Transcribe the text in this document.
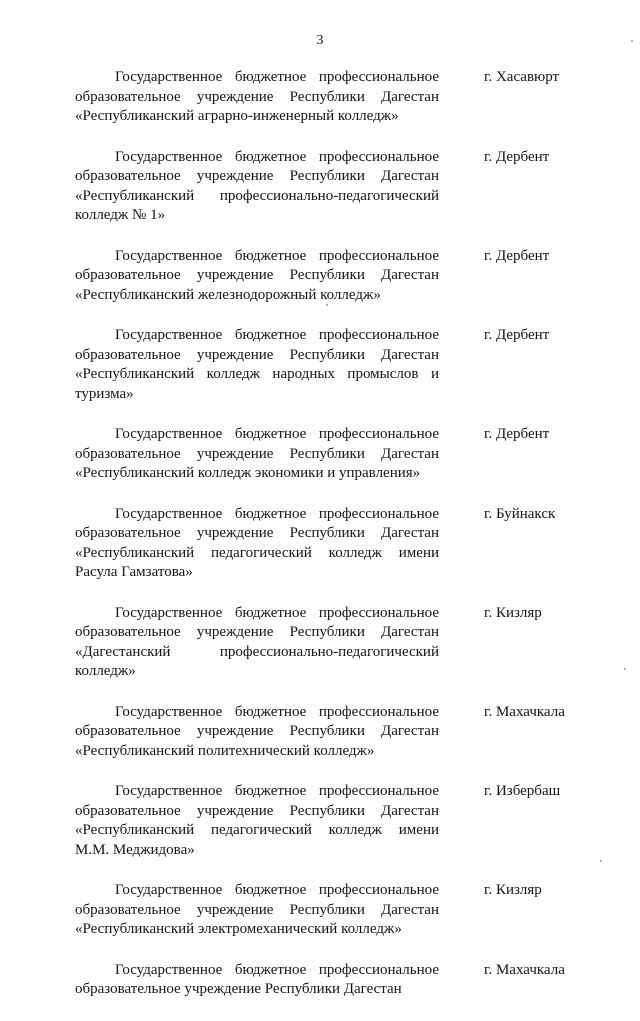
3
Государственное бюджетное профессиональное
образовательное учреждение Республики Дагестан
«Республиканский аграрно-инженерный колледж»
г. Хасавюрт
Государственное бюджетное профессиональное
образовательное учреждение Республики Дагестан
«Республиканский профессионально-педагогический
колледж № 1»
г. Дербент
Государственное бюджетное профессиональное
образовательное учреждение Республики Дагестан
«Республиканский железнодорожный колледж»
г. Дербент
Государственное бюджетное профессиональное
образовательное учреждение Республики Дагестан
«Республиканский колледж народных промыслов и
туризма»
г. Дербент
Государственное бюджетное профессиональное
образовательное учреждение Республики Дагестан
«Республиканский колледж экономики и управления»
г. Дербент
Государственное бюджетное профессиональное
образовательное учреждение Республики Дагестан
«Республиканский педагогический колледж имени
Расула Гамзатова»
г. Буйнакск
Государственное бюджетное профессиональное
образовательное учреждение Республики Дагестан
«Дагестанский профессионально-педагогический
колледж»
г. Кизляр
Государственное бюджетное профессиональное
образовательное учреждение Республики Дагестан
«Республиканский политехнический колледж»
г. Махачкала
Государственное бюджетное профессиональное
образовательное учреждение Республики Дагестан
«Республиканский педагогический колледж имени
М.М. Меджидова»
г. Избербаш
Государственное бюджетное профессиональное
образовательное учреждение Республики Дагестан
«Республиканский электромеханический колледж»
г. Кизляр
Государственное бюджетное профессиональное
образовательное учреждение Республики Дагестан
г. Махачкала
